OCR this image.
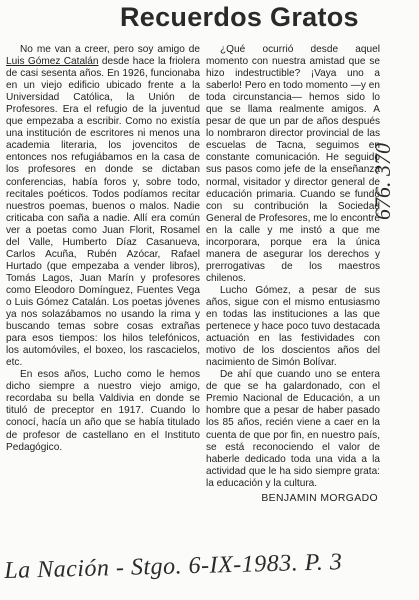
Recuerdos Gratos

No me van a creer, pero soy amigo de Luis Gómez Catalán desde hace la friolera de casi sesenta años. En 1926, funcionaba en un viejo edificio ubicado frente a la Universidad Católica, la Unión de Profesores. Era el refugio de la juventud que empezaba a escribir. Como no existía una institución de escritores ni menos una academia literaria, los jovencitos de entonces nos refugiábamos en la casa de los profesores en donde se dictaban conferencias, había foros y, sobre todo, recitales poéticos. Todos podíamos recitar nuestros poemas, buenos o malos. Nadie criticaba con saña a nadie. Allí era común ver a poetas como Juan Florit, Rosamel del Valle, Humberto Díaz Casanueva, Carlos Acuña, Rubén Azócar, Rafael Hurtado (que empezaba a vender libros), Tomás Lagos, Juan Marín y profesores como Eleodoro Domínguez, Fuentes Vega o Luis Gómez Catalán. Los poetas jóvenes ya nos solazábamos no usando la rima y buscando temas sobre cosas extrañas para esos tiempos: los hilos telefónicos, los automóviles, el boxeo, los rascacielos, etc.

En esos años, Lucho como le hemos dicho siempre a nuestro viejo amigo, recordaba su bella Valdivia en donde se tituló de preceptor en 1917. Cuando lo conocí, hacía un año que se había titulado de profesor de castellano en el Instituto Pedagógico.

¿Qué ocurrió desde aquel momento con nuestra amistad que se hizo indestructible? ¡Vaya uno a saberlo! Pero en todo momento —y en toda circunstancia— hemos sido lo que se llama realmente amigos. A pesar de que un par de años después lo nombraron director provincial de las escuelas de Tacna, seguimos en constante comunicación. He seguido sus pasos como jefe de la enseñanza normal, visitador y director general de educación primaria. Cuando se fundó con su contribución la Sociedad General de Profesores, me lo encontré en la calle y me instó a que me incorporara, porque era la única manera de asegurar los derechos y prerrogativas de los maestros chilenos.

Lucho Gómez, a pesar de sus años, sigue con el mismo entusiasmo en todas las instituciones a las que pertenece y hace poco tuvo destacada actuación en las festividades con motivo de los doscientos años del nacimiento de Simón Bolívar.

De ahí que cuando uno se entera de que se ha galardonado, con el Premio Nacional de Educación, a un hombre que a pesar de haber pasado los 85 años, recién viene a caer en la cuenta de que por fin, en nuestro país, se está reconociendo el valor de haberle dedicado toda una vida a la actividad que le ha sido siempre grata: la educación y la cultura.

BENJAMIN MORGADO
676. 370
La Nación - Stgo. 6-IX-1983. P. 3
